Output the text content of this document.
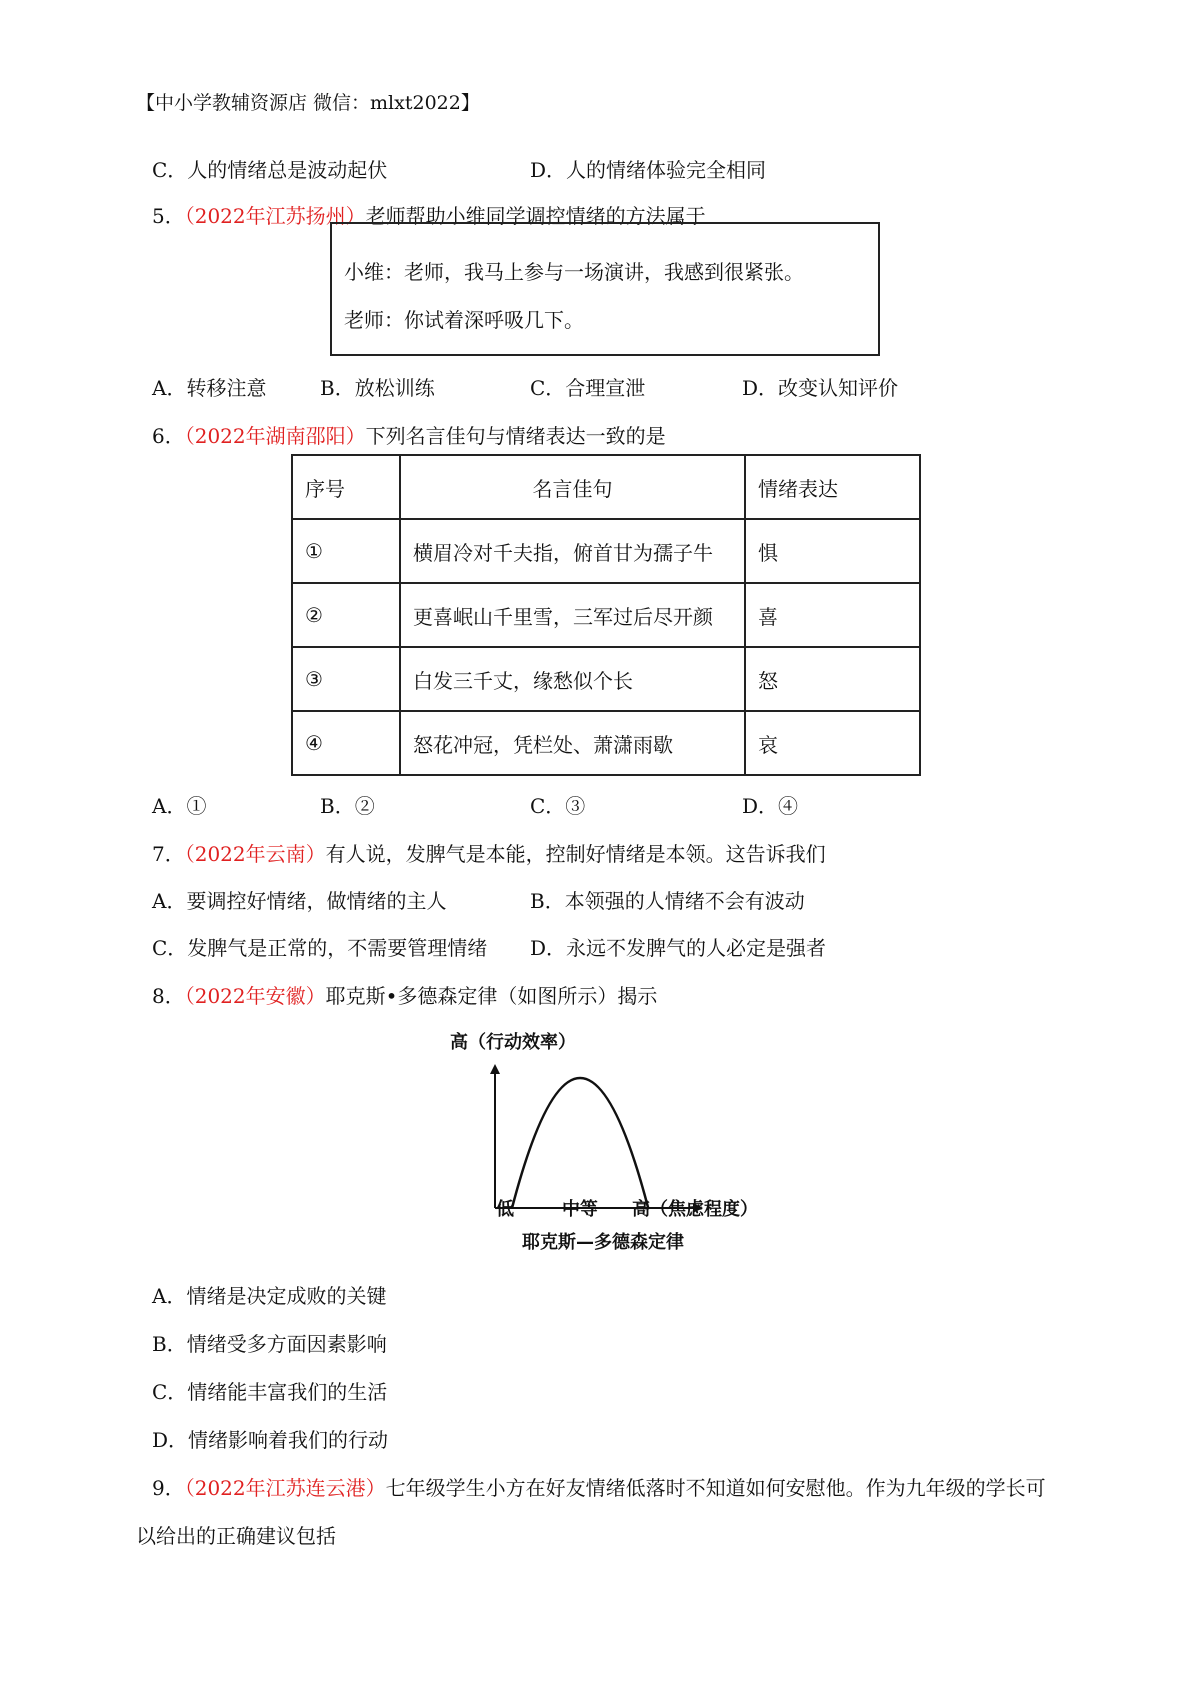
【中小学教辅资源店 微信：mlxt2022】
C．人的情绪总是波动起伏	D．人的情绪体验完全相同
5．（2022年江苏扬州）老师帮助小维同学调控情绪的方法属于
小维：老师，我马上参与一场演讲，我感到很紧张。
老师：你试着深呼吸几下。
A．转移注意	B．放松训练	C．合理宣泄	D．改变认知评价
6．（2022年湖南邵阳）下列名言佳句与情绪表达一致的是
序号	名言佳句	情绪表达
①	横眉冷对千夫指，俯首甘为孺子牛	惧
②	更喜岷山千里雪，三军过后尽开颜	喜
③	白发三千丈，缘愁似个长	怒
④	怒花冲冠，凭栏处、萧潇雨歇	哀
A．①	B．②	C．③	D．④
7．（2022年云南）有人说，发脾气是本能，控制好情绪是本领。这告诉我们
A．要调控好情绪，做情绪的主人	B．本领强的人情绪不会有波动
C．发脾气是正常的，不需要管理情绪 D．永远不发脾气的人必定是强者
8．（2022年安徽）耶克斯•多德森定律（如图所示）揭示
高（行动效率）
低	中等 高（焦虑程度）
耶克斯—多德森定律
A．情绪是决定成败的关键
B．情绪受多方面因素影响
C．情绪能丰富我们的生活
D．情绪影响着我们的行动
9．（2022年江苏连云港）七年级学生小方在好友情绪低落时不知道如何安慰他。作为九年级的学长可
以给出的正确建议包括
